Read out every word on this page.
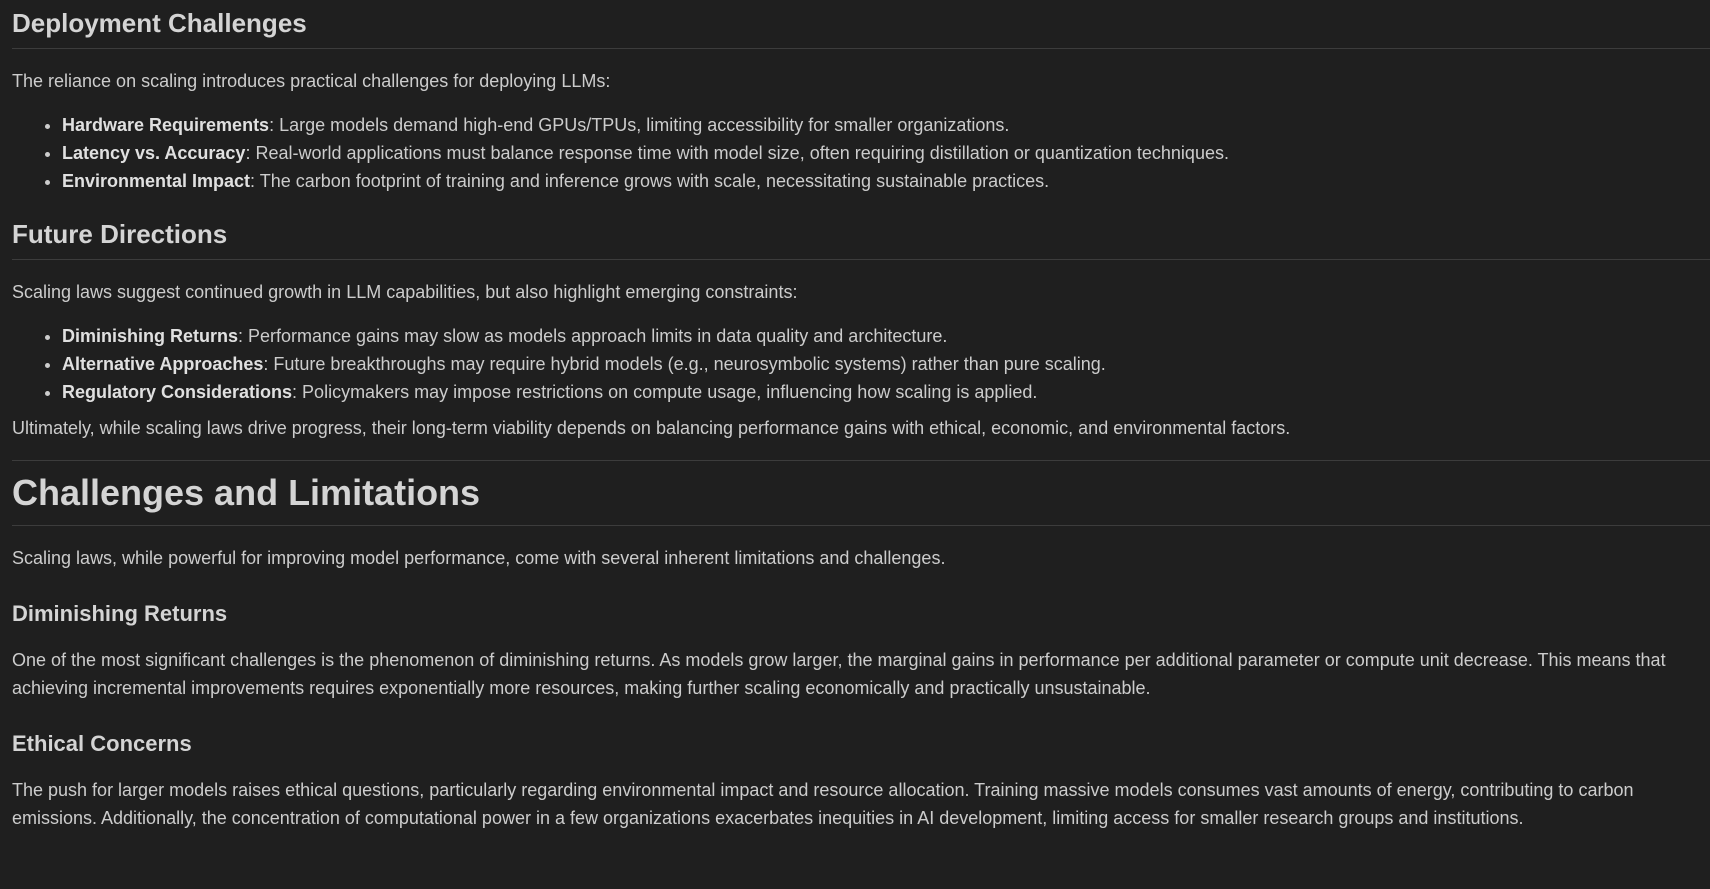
Deployment Challenges

The reliance on scaling introduces practical challenges for deploying LLMs:

• Hardware Requirements: Large models demand high-end GPUs/TPUs, limiting accessibility for smaller organizations.
• Latency vs. Accuracy: Real-world applications must balance response time with model size, often requiring distillation or quantization techniques.
• Environmental Impact: The carbon footprint of training and inference grows with scale, necessitating sustainable practices.
Future Directions

Scaling laws suggest continued growth in LLM capabilities, but also highlight emerging constraints:

• Diminishing Returns: Performance gains may slow as models approach limits in data quality and architecture.
• Alternative Approaches: Future breakthroughs may require hybrid models (e.g., neurosymbolic systems) rather than pure scaling.
• Regulatory Considerations: Policymakers may impose restrictions on compute usage, influencing how scaling is applied.

Ultimately, while scaling laws drive progress, their long-term viability depends on balancing performance gains with ethical, economic, and environmental factors.

Challenges and Limitations

Scaling laws, while powerful for improving model performance, come with several inherent limitations and challenges.

Diminishing Returns

One of the most significant challenges is the phenomenon of diminishing returns. As models grow larger, the marginal gains in performance per additional parameter or compute unit decrease. This means that achieving incremental improvements requires exponentially more resources, making further scaling economically and practically unsustainable.

Ethical Concerns

The push for larger models raises ethical questions, particularly regarding environmental impact and resource allocation. Training massive models consumes vast amounts of energy, contributing to carbon emissions. Additionally, the concentration of computational power in a few organizations exacerbates inequities in AI development, limiting access for smaller research groups and institutions.
